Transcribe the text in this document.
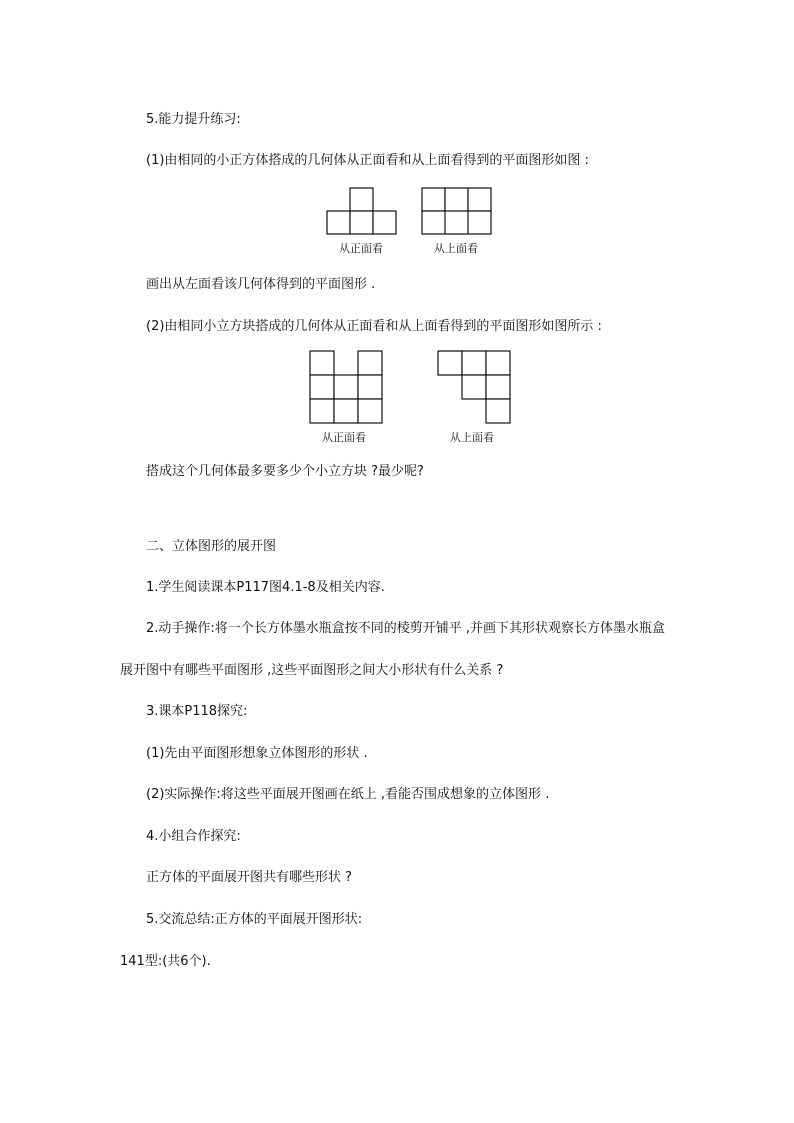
5.能力提升练习:
(1)由相同的小正方体搭成的几何体从正面看和从上面看得到的平面图形如图 :
从正面看	从上面看
画出从左面看该几何体得到的平面图形 .
(2)由相同小立方块搭成的几何体从正面看和从上面看得到的平面图形如图所示 :
从正面看	从上面看
搭成这个几何体最多要多少个小立方块 ?最少呢?
二、立体图形的展开图
1.学生阅读课本P117图4.1-8及相关内容.
2.动手操作:将一个长方体墨水瓶盒按不同的棱剪开铺平 ,并画下其形状观察长方体墨水瓶盒
展开图中有哪些平面图形 ,这些平面图形之间大小形状有什么关系 ?
3.课本P118探究:
(1)先由平面图形想象立体图形的形状 .
(2)实际操作:将这些平面展开图画在纸上 ,看能否围成想象的立体图形 .
4.小组合作探究:
正方体的平面展开图共有哪些形状 ?
5.交流总结:正方体的平面展开图形状:
141型:(共6个).
